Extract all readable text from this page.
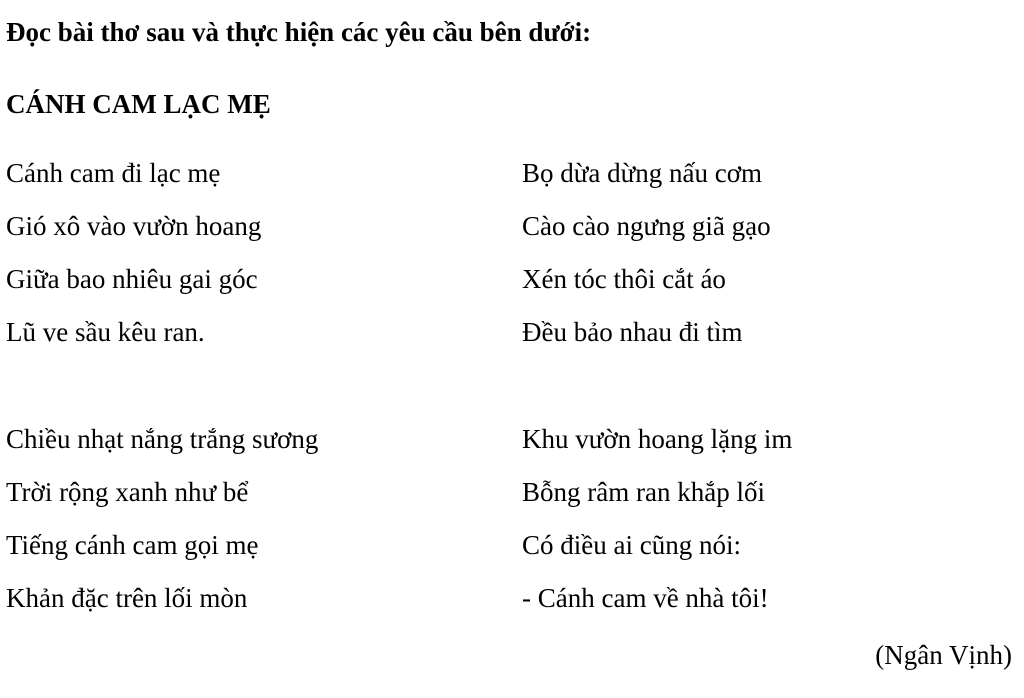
Đọc bài thơ sau và thực hiện các yêu cầu bên dưới:
CÁNH CAM LẠC MẸ
Cánh cam đi lạc mẹ
Gió xô vào vườn hoang
Giữa bao nhiêu gai góc
Lũ ve sầu kêu ran.
Bọ dừa dừng nấu cơm
Cào cào ngưng giã gạo
Xén tóc thôi cắt áo
Đều bảo nhau đi tìm
Chiều nhạt nắng trắng sương
Trời rộng xanh như bể
Tiếng cánh cam gọi mẹ
Khản đặc trên lối mòn
Khu vườn hoang lặng im
Bỗng râm ran khắp lối
Có điều ai cũng nói:
- Cánh cam về nhà tôi!
(Ngân Vịnh)
